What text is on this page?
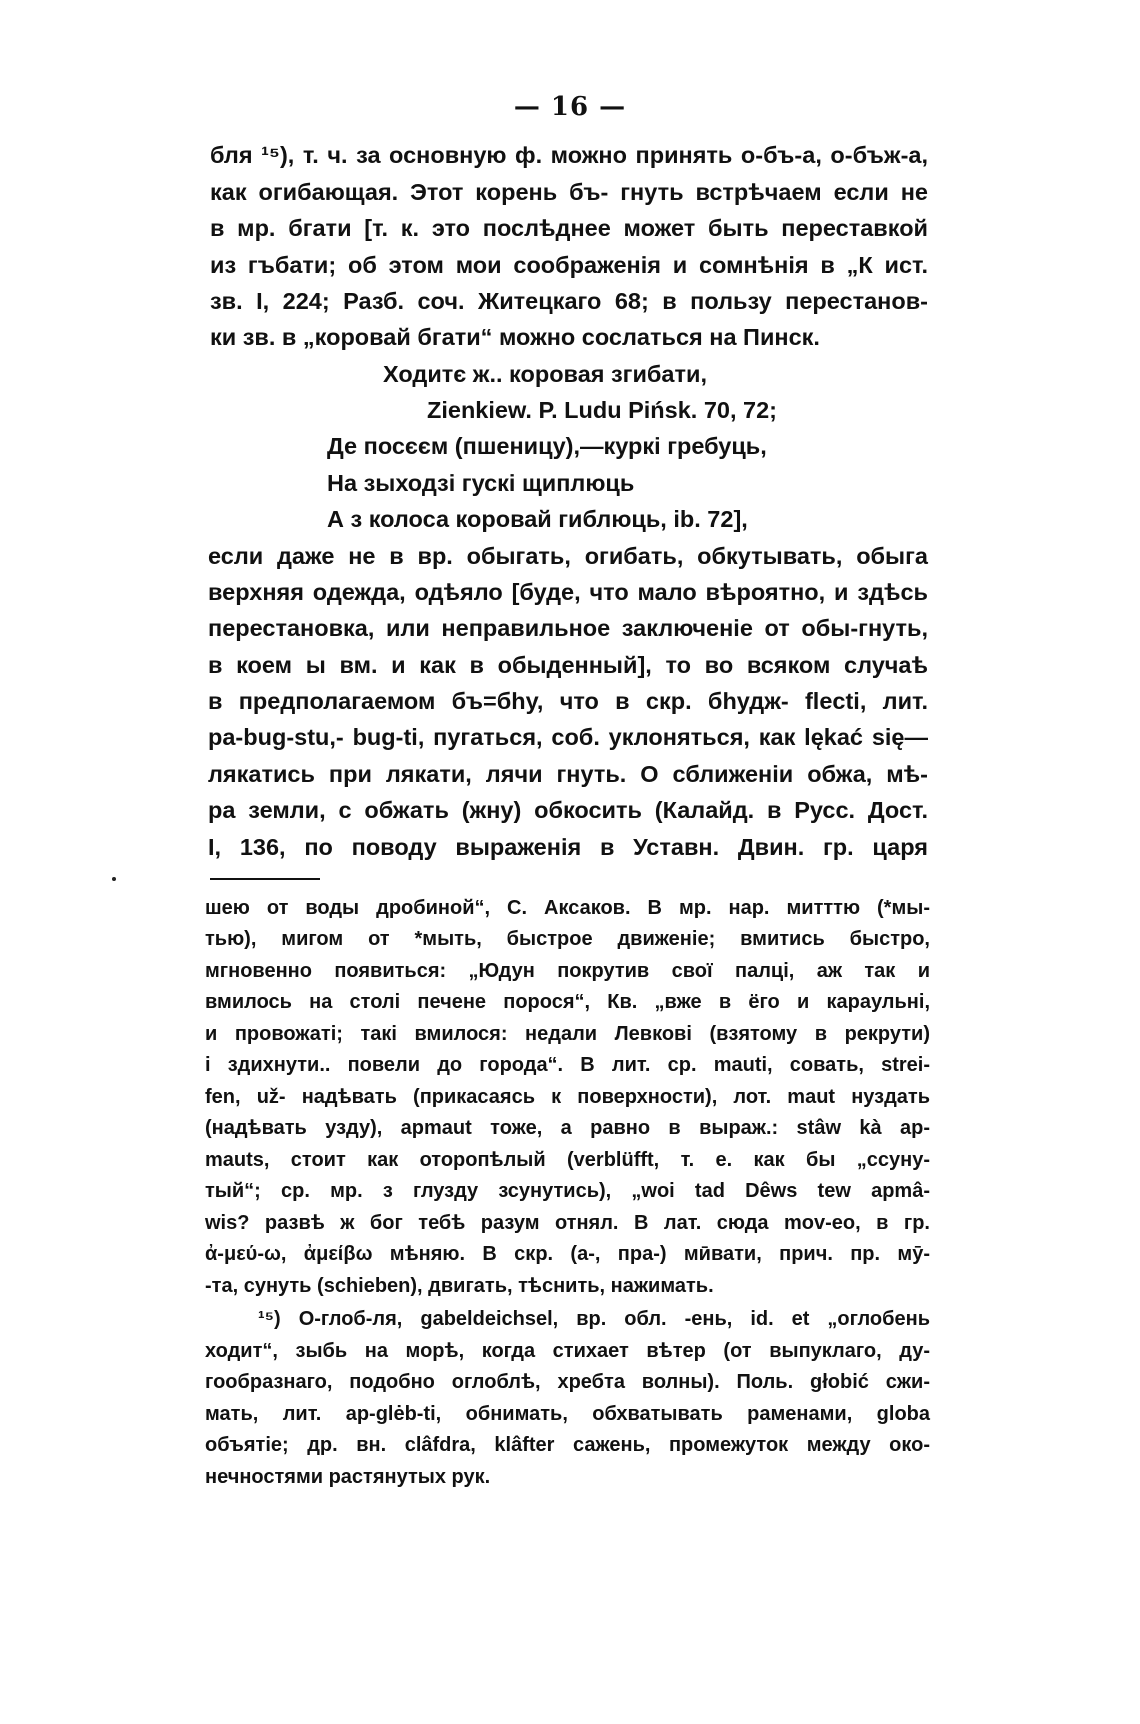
— 16 —
бля ¹⁵), т. ч. за основную ф. можно принять о-бъ-а, о-бъж-а,
как огибающая. Этот корень бъ- гнуть встрѣчаем если не
в мр. бгати [т. к. это послѣднее может быть переставкой
из гъбати; об этом мои соображенія и сомнѣнія в „К ист.
зв. I, 224; Разб. соч. Житецкаго 68; в пользу перестанов-
ки зв. в „коровай бгати“ можно сослаться на Пинск.
Ходитє ж.. коровая згибати,
Zienkiew. P. Ludu Pińsk. 70, 72;
Де посєєм (пшеницу),—куркі гребуць,
На зыходзі гускі щиплюць
А з колоса коровай гиблюць, ib. 72],
если даже не в вр. обыгать, огибать, обкутывать, обыга
верхняя одежда, одѣяло [буде, что мало вѣроятно, и здѣсь
перестановка, или неправильное заключеніе от обы-гнуть,
в коем ы вм. и как в обыденный], то во всяком случаѣ
в предполагаемом бъ=бһу, что в скр. бһудж- flecti, лит.
pa-bug-stu,- bug-ti, пугаться, соб. уклоняться, как lękać się—
лякатись при лякати, лячи гнуть. О сближеніи обжа, мѣ-
ра земли, с обжать (жну) обкосить (Калайд. в Русс. Дост.
I, 136, по поводу выраженія в Уставн. Двин. гр. царя
шею от воды дробиной“, С. Аксаков. В мр. нар. митттю (*мы-
тью), мигом от *мыть, быстрое движеніе; вмитись быстро,
мгновенно появиться: „Юдун покрутив свої палці, аж так и
вмилось на столі печене порося“, Кв. „вже в ёго и караульні,
и провожаті; такі вмилося: недали Левкові (взятому в рекрути)
і здихнути.. повели до города“. В лит. ср. mauti, совать, strei-
fen, už- надѣвать (прикасаясь к поверхности), лот. maut нуздать
(надѣвать узду), apmaut тоже, а равно в выраж.: stâw kà ap-
mauts, стоит как оторопѣлый (verblüfft, т. е. как бы „ссуну-
тый“; ср. мр. з глузду зсунутись), „woi tad Dêws tew apmâ-
wis? развѣ ж бог тебѣ разум отнял. В лат. сюда mov-eo, в гр.
ἀ-μεύ-ω, ἀμείβω мѣняю. В скр. (а-, пра-) мӣвати, прич. пр. мӯ-
-та, сунуть (schieben), двигать, тѣснить, нажимать.
¹⁵) О-глоб-ля, gabeldeichsel, вр. обл. -ень, id. et „оглобень
ходит“, зыбь на морѣ, когда стихает вѣтер (от выпуклаго, ду-
гообразнаго, подобно оглоблѣ, хребта волны). Поль. głobić сжи-
мать, лит. ap-glėb-ti, обнимать, обхватывать раменами, globa
объятіе; др. вн. clâfdra, klâfter сажень, промежуток между око-
нечностями растянутых рук.
